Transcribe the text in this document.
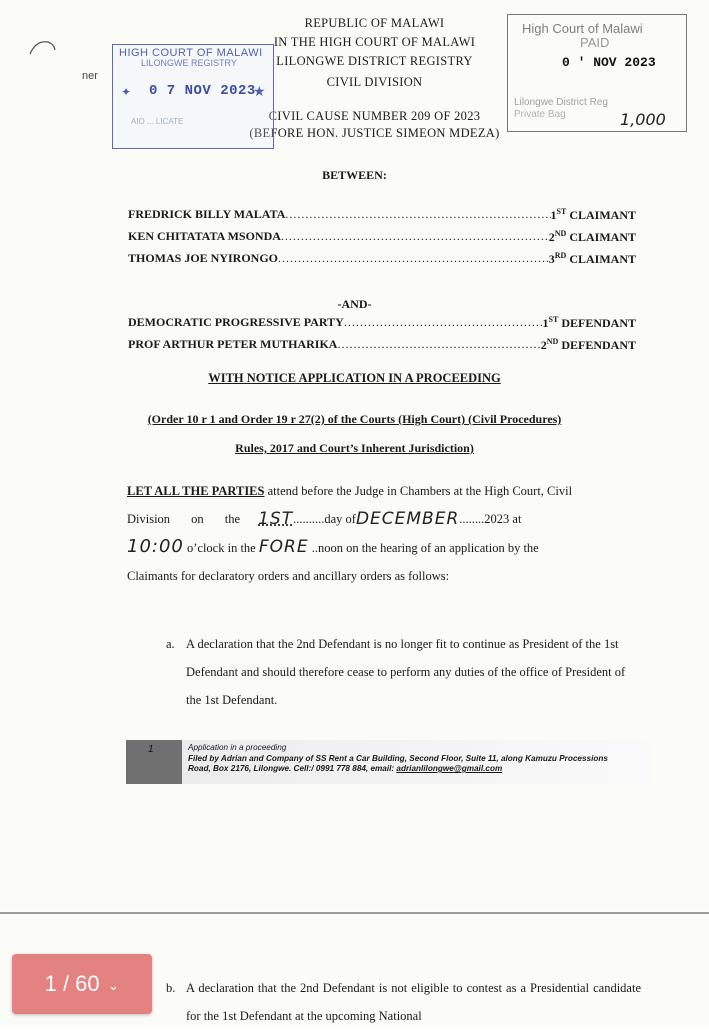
ner
REPUBLIC OF MALAWI
IN THE HIGH COURT OF MALAWI
LILONGWE DISTRICT REGISTRY
CIVIL DIVISION
CIVIL CAUSE NUMBER 209 OF 2023
(BEFORE HON. JUSTICE SIMEON MDEZA)
HIGH COURT OF MALAWI
LILONGWE REGISTRY
✦ 0 7 NOV 2023
★
AIO ... LICATE
High Court of Malawi
PAID
0 ' NOV 2023
Lilongwe District Reg
Private Bag	1,000
BETWEEN:
FREDRICK BILLY MALATA .....	1ST CLAIMANT
KEN CHITATATA MSONDA .....	2ND CLAIMANT
THOMAS JOE NYIRONGO .....	3RD CLAIMANT
-AND-
DEMOCRATIC PROGRESSIVE PARTY .....	1ST DEFENDANT
PROF ARTHUR PETER MUTHARIKA .....	2ND DEFENDANT
WITH NOTICE APPLICATION IN A PROCEEDING
(Order 10 r 1 and Order 19 r 27(2) of the Courts (High Court) (Civil Procedures)
Rules, 2017 and Court’s Inherent Jurisdiction)
LET ALL THE PARTIES attend before the Judge in Chambers at the High Court, Civil
Division on the 1ST ..........day of DECEMBER ........2023 at
10:00 o’clock in the FORE ..noon on the hearing of an application by the
Claimants for declaratory orders and ancillary orders as follows:
a. A declaration that the 2nd Defendant is no longer fit to continue as President of the 1st Defendant and should therefore cease to perform any duties of the office of President of the 1st Defendant.
1	Application in a proceeding
Filed by Adrian and Company of SS Rent a Car Building, Second Floor, Suite 11, along Kamuzu Processions
Road, Box 2176, Lilongwe. Cell:/ 0991 778 884, email: adrianlilongwe@gmail.com
b. A declaration that the 2nd Defendant is not eligible to contest as a Presidential candidate for the 1st Defendant at the upcoming National
1 / 60 ⌄
